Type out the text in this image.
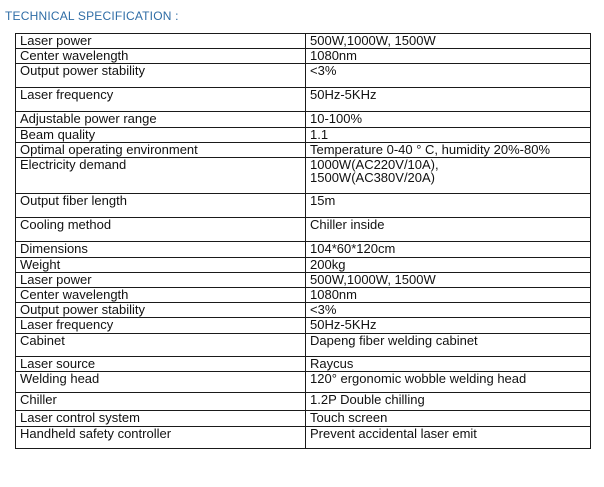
TECHNICAL SPECIFICATION :
Laser power	500W,1000W, 1500W
Center wavelength	1080nm
Output power stability	<3%
Laser frequency	50Hz-5KHz
Adjustable power range	10-100%
Beam quality	1.1
Optimal operating environment	Temperature 0-40 ° C, humidity 20%-80%
Electricity demand	1000W(AC220V/10A),
1500W(AC380V/20A)
Output fiber length	15m
Cooling method	Chiller inside
Dimensions	104*60*120cm
Weight	200kg
Laser power	500W,1000W, 1500W
Center wavelength	1080nm
Output power stability	<3%
Laser frequency	50Hz-5KHz
Cabinet	Dapeng fiber welding cabinet
Laser source	Raycus
Welding head	120° ergonomic wobble welding head
Chiller	1.2P Double chilling
Laser control system	Touch screen
Handheld safety controller	Prevent accidental laser emit
